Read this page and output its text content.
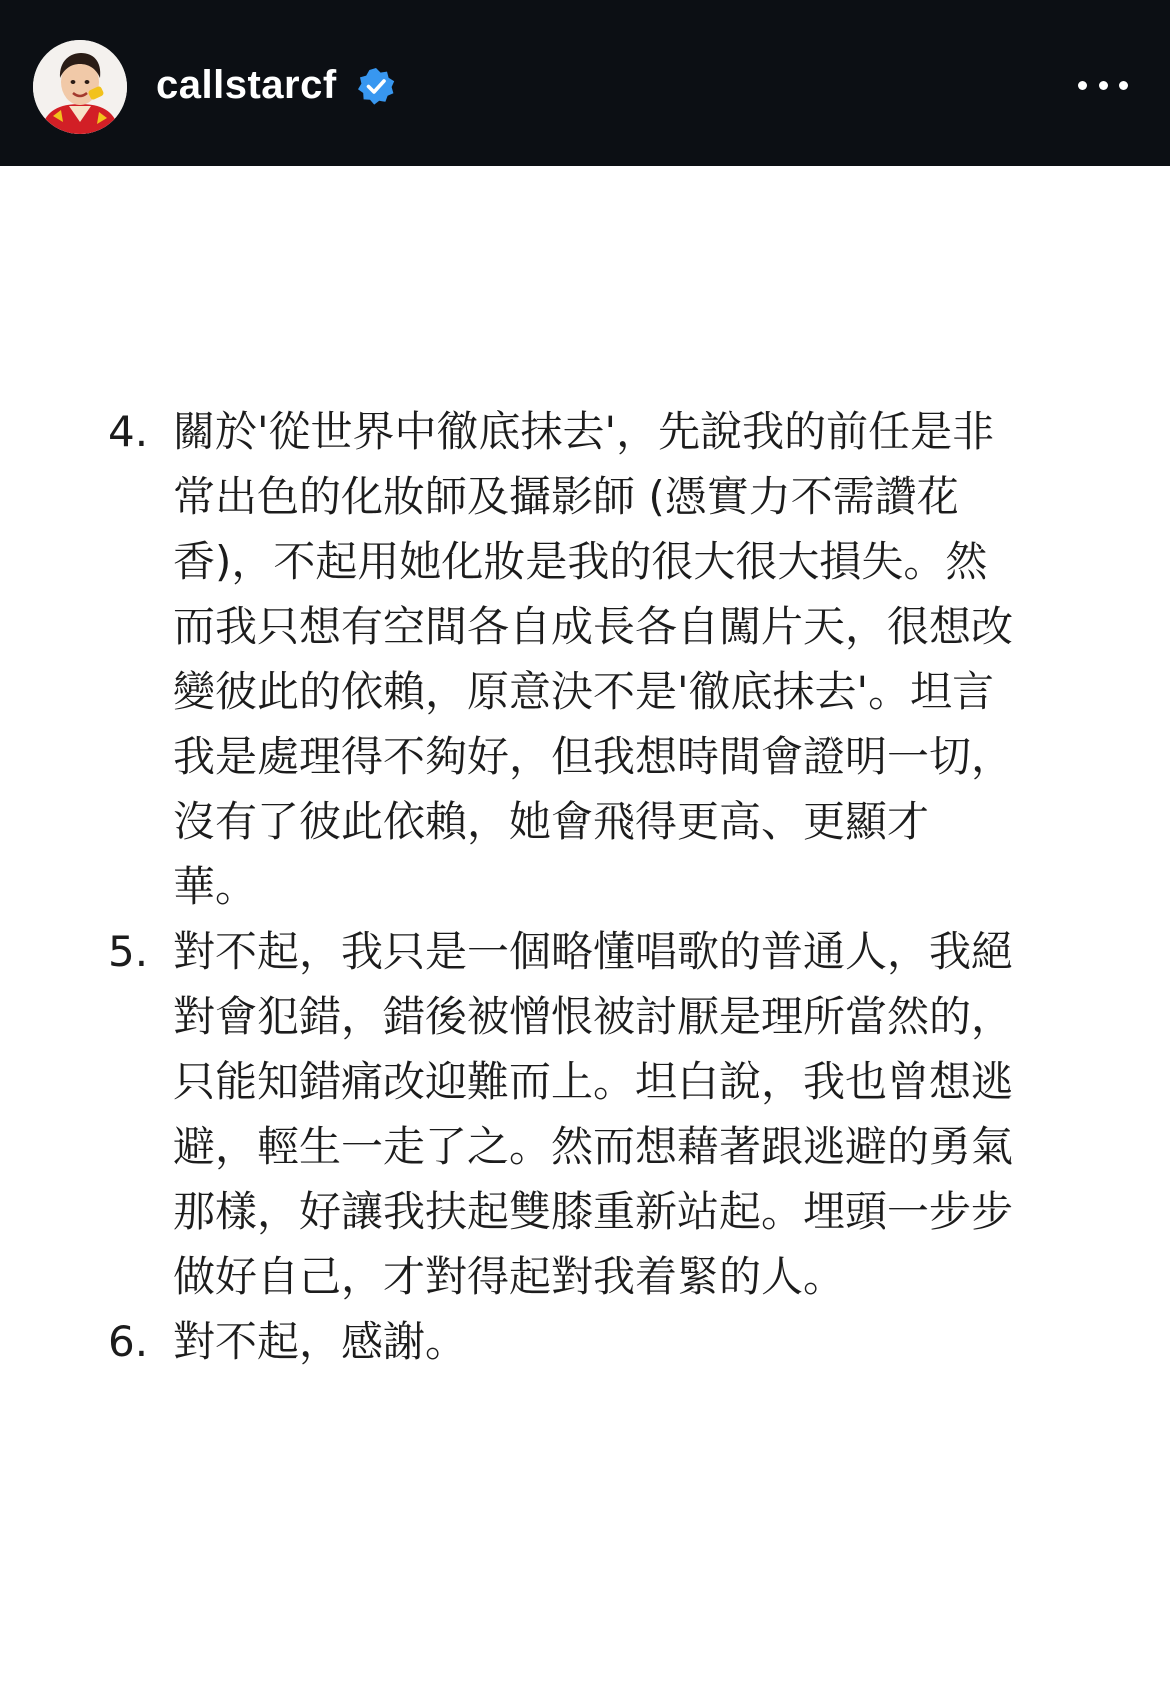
callstarcf
4. 關於'從世界中徹底抹去'，先說我的前任是非
常出色的化妝師及攝影師 (憑實力不需讚花
香)，不起用她化妝是我的很大很大損失。然
而我只想有空間各自成長各自闖片天，很想改
變彼此的依賴，原意決不是'徹底抹去'。坦言
我是處理得不夠好，但我想時間會證明一切，
沒有了彼此依賴，她會飛得更高、更顯才
華。
5. 對不起，我只是一個略懂唱歌的普通人，我絕
對會犯錯，錯後被憎恨被討厭是理所當然的，
只能知錯痛改迎難而上。坦白說，我也曾想逃
避，輕生一走了之。然而想藉著跟逃避的勇氣
那樣，好讓我扶起雙膝重新站起。埋頭一步步
做好自己，才對得起對我着緊的人。
6. 對不起，感謝。
